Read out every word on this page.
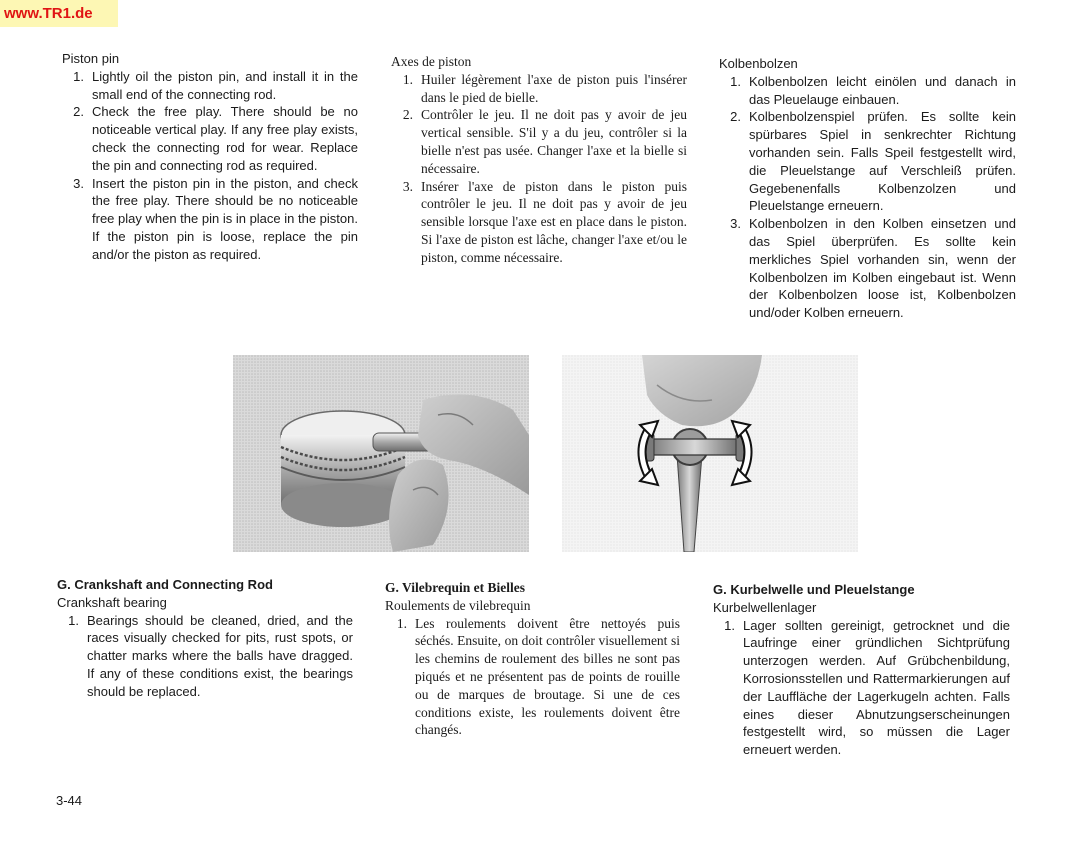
www.TR1.de

Piston pin

1. Lightly oil the piston pin, and install it in the small end of the connecting rod.
2. Check the free play. There should be no noticeable vertical play. If any free play exists, check the connecting rod for wear. Replace the pin and connecting rod as required.
3. Insert the piston pin in the piston, and check the free play. There should be no noticeable free play when the pin is in place in the piston. If the piston pin is loose, replace the pin and/or the piston as required.

Axes de piston

1. Huiler légèrement l'axe de piston puis l'insérer dans le pied de bielle.
2. Contrôler le jeu. Il ne doit pas y avoir de jeu vertical sensible. S'il y a du jeu, contrôler si la bielle n'est pas usée. Changer l'axe et la bielle si nécessaire.
3. Insérer l'axe de piston dans le piston puis contrôler le jeu. Il ne doit pas y avoir de jeu sensible lorsque l'axe est en place dans le piston. Si l'axe de piston est lâche, changer l'axe et/ou le piston, comme nécessaire.

Kolbenbolzen

1. Kolbenbolzen leicht einölen und danach in das Pleuelauge einbauen.
2. Kolbenbolzenspiel prüfen. Es sollte kein spürbares Spiel in senkrechter Richtung vorhanden sein. Falls Speil festgestellt wird, die Pleuelstange auf Verschleiß prüfen. Gegebenenfalls Kolbenzolzen und Pleuelstange erneuern.
3. Kolbenbolzen in den Kolben einsetzen und das Spiel überprüfen. Es sollte kein merkliches Spiel vorhanden sin, wenn der Kolbenbolzen im Kolben eingebaut ist. Wenn der Kolbenbolzen loose ist, Kolbenbolzen und/oder Kolben erneuern.

G. Crankshaft and Connecting Rod

Crankshaft bearing

1. Bearings should be cleaned, dried, and the races visually checked for pits, rust spots, or chatter marks where the balls have dragged. If any of these conditions exist, the bearings should be replaced.

G. Vilebrequin et Bielles

Roulements de vilebrequin

1. Les roulements doivent être nettoyés puis séchés. Ensuite, on doit contrôler visuellement si les chemins de roulement des billes ne sont pas piqués et ne présentent pas de points de rouille ou de marques de broutage. Si une de ces conditions existe, les roulements doivent être changés.

G. Kurbelwelle und Pleuelstange

Kurbelwellenlager

1. Lager sollten gereinigt, getrocknet und die Laufringe einer gründlichen Sichtprüfung unterzogen werden. Auf Grübchenbildung, Korrosionsstellen und Rattermarkierungen auf der Lauffläche der Lagerkugeln achten. Falls eines dieser Abnutzungserscheinungen festgestellt wird, so müssen die Lager erneuert werden.
3-44
